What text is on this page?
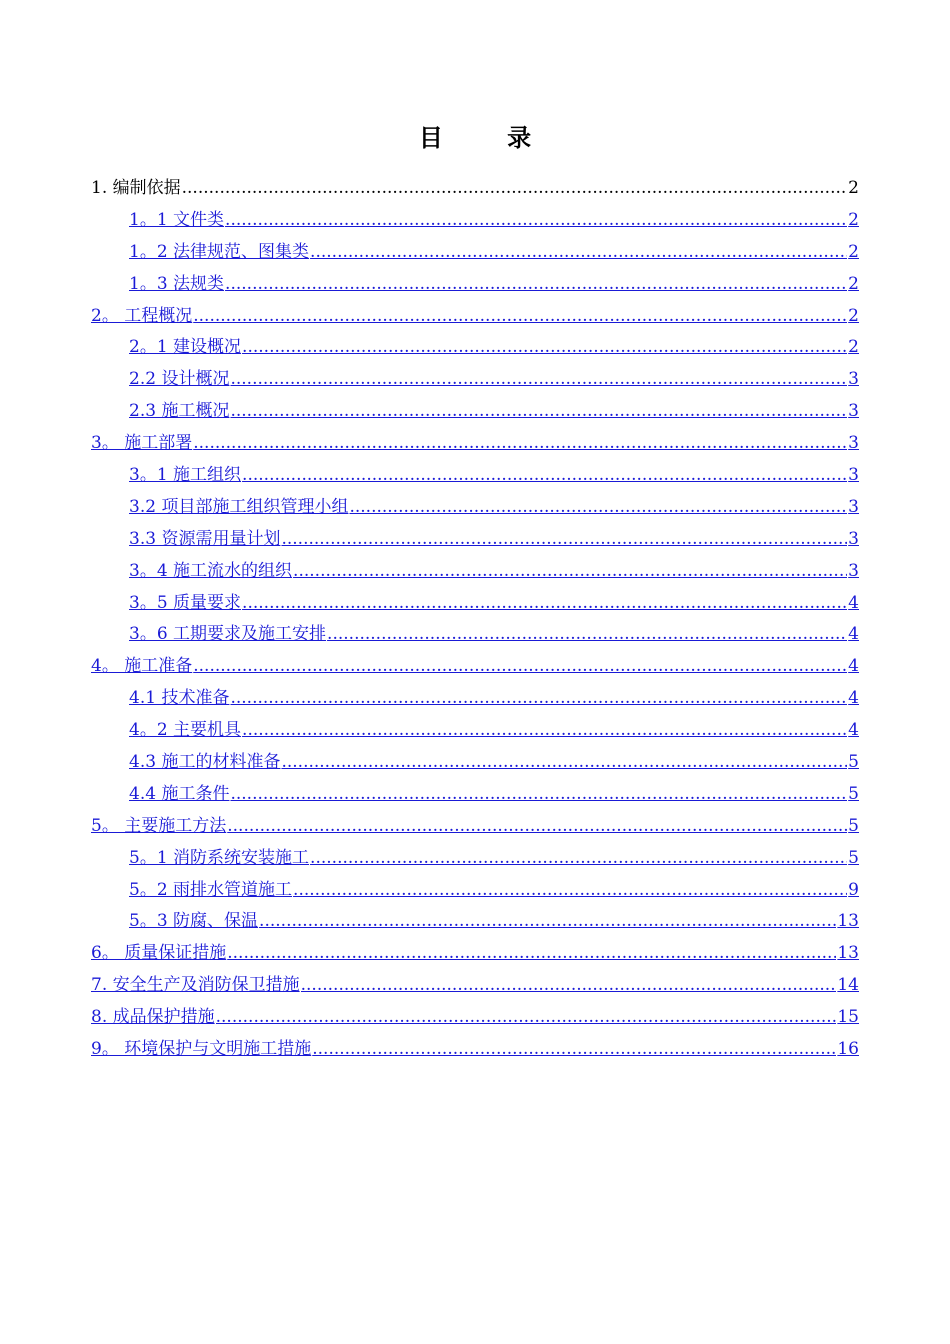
目 录
1. 编制依据 .....	2
1。1 文件类 .....	2
1。2 法律规范、图集类 .....	2
1。3 法规类 .....	2
2。 工程概况 .....	2
2。1 建设概况 .....	2
2.2 设计概况 .....	3
2.3 施工概况 .....	3
3。 施工部署 .....	3
3。1 施工组织 .....	3
3.2 项目部施工组织管理小组 .....	3
3.3 资源需用量计划 .....	3
3。4 施工流水的组织 .....	3
3。5 质量要求 .....	4
3。6 工期要求及施工安排 .....	4
4。 施工准备 .....	4
4.1 技术准备 .....	4
4。2 主要机具 .....	4
4.3 施工的材料准备 .....	5
4.4 施工条件 .....	5
5。 主要施工方法 .....	5
5。1 消防系统安装施工 .....	5
5。2 雨排水管道施工 .....	9
5。3 防腐、保温 .....	13
6。 质量保证措施 .....	13
7. 安全生产及消防保卫措施 .....	14
8. 成品保护措施 .....	15
9。 环境保护与文明施工措施 .....	16
